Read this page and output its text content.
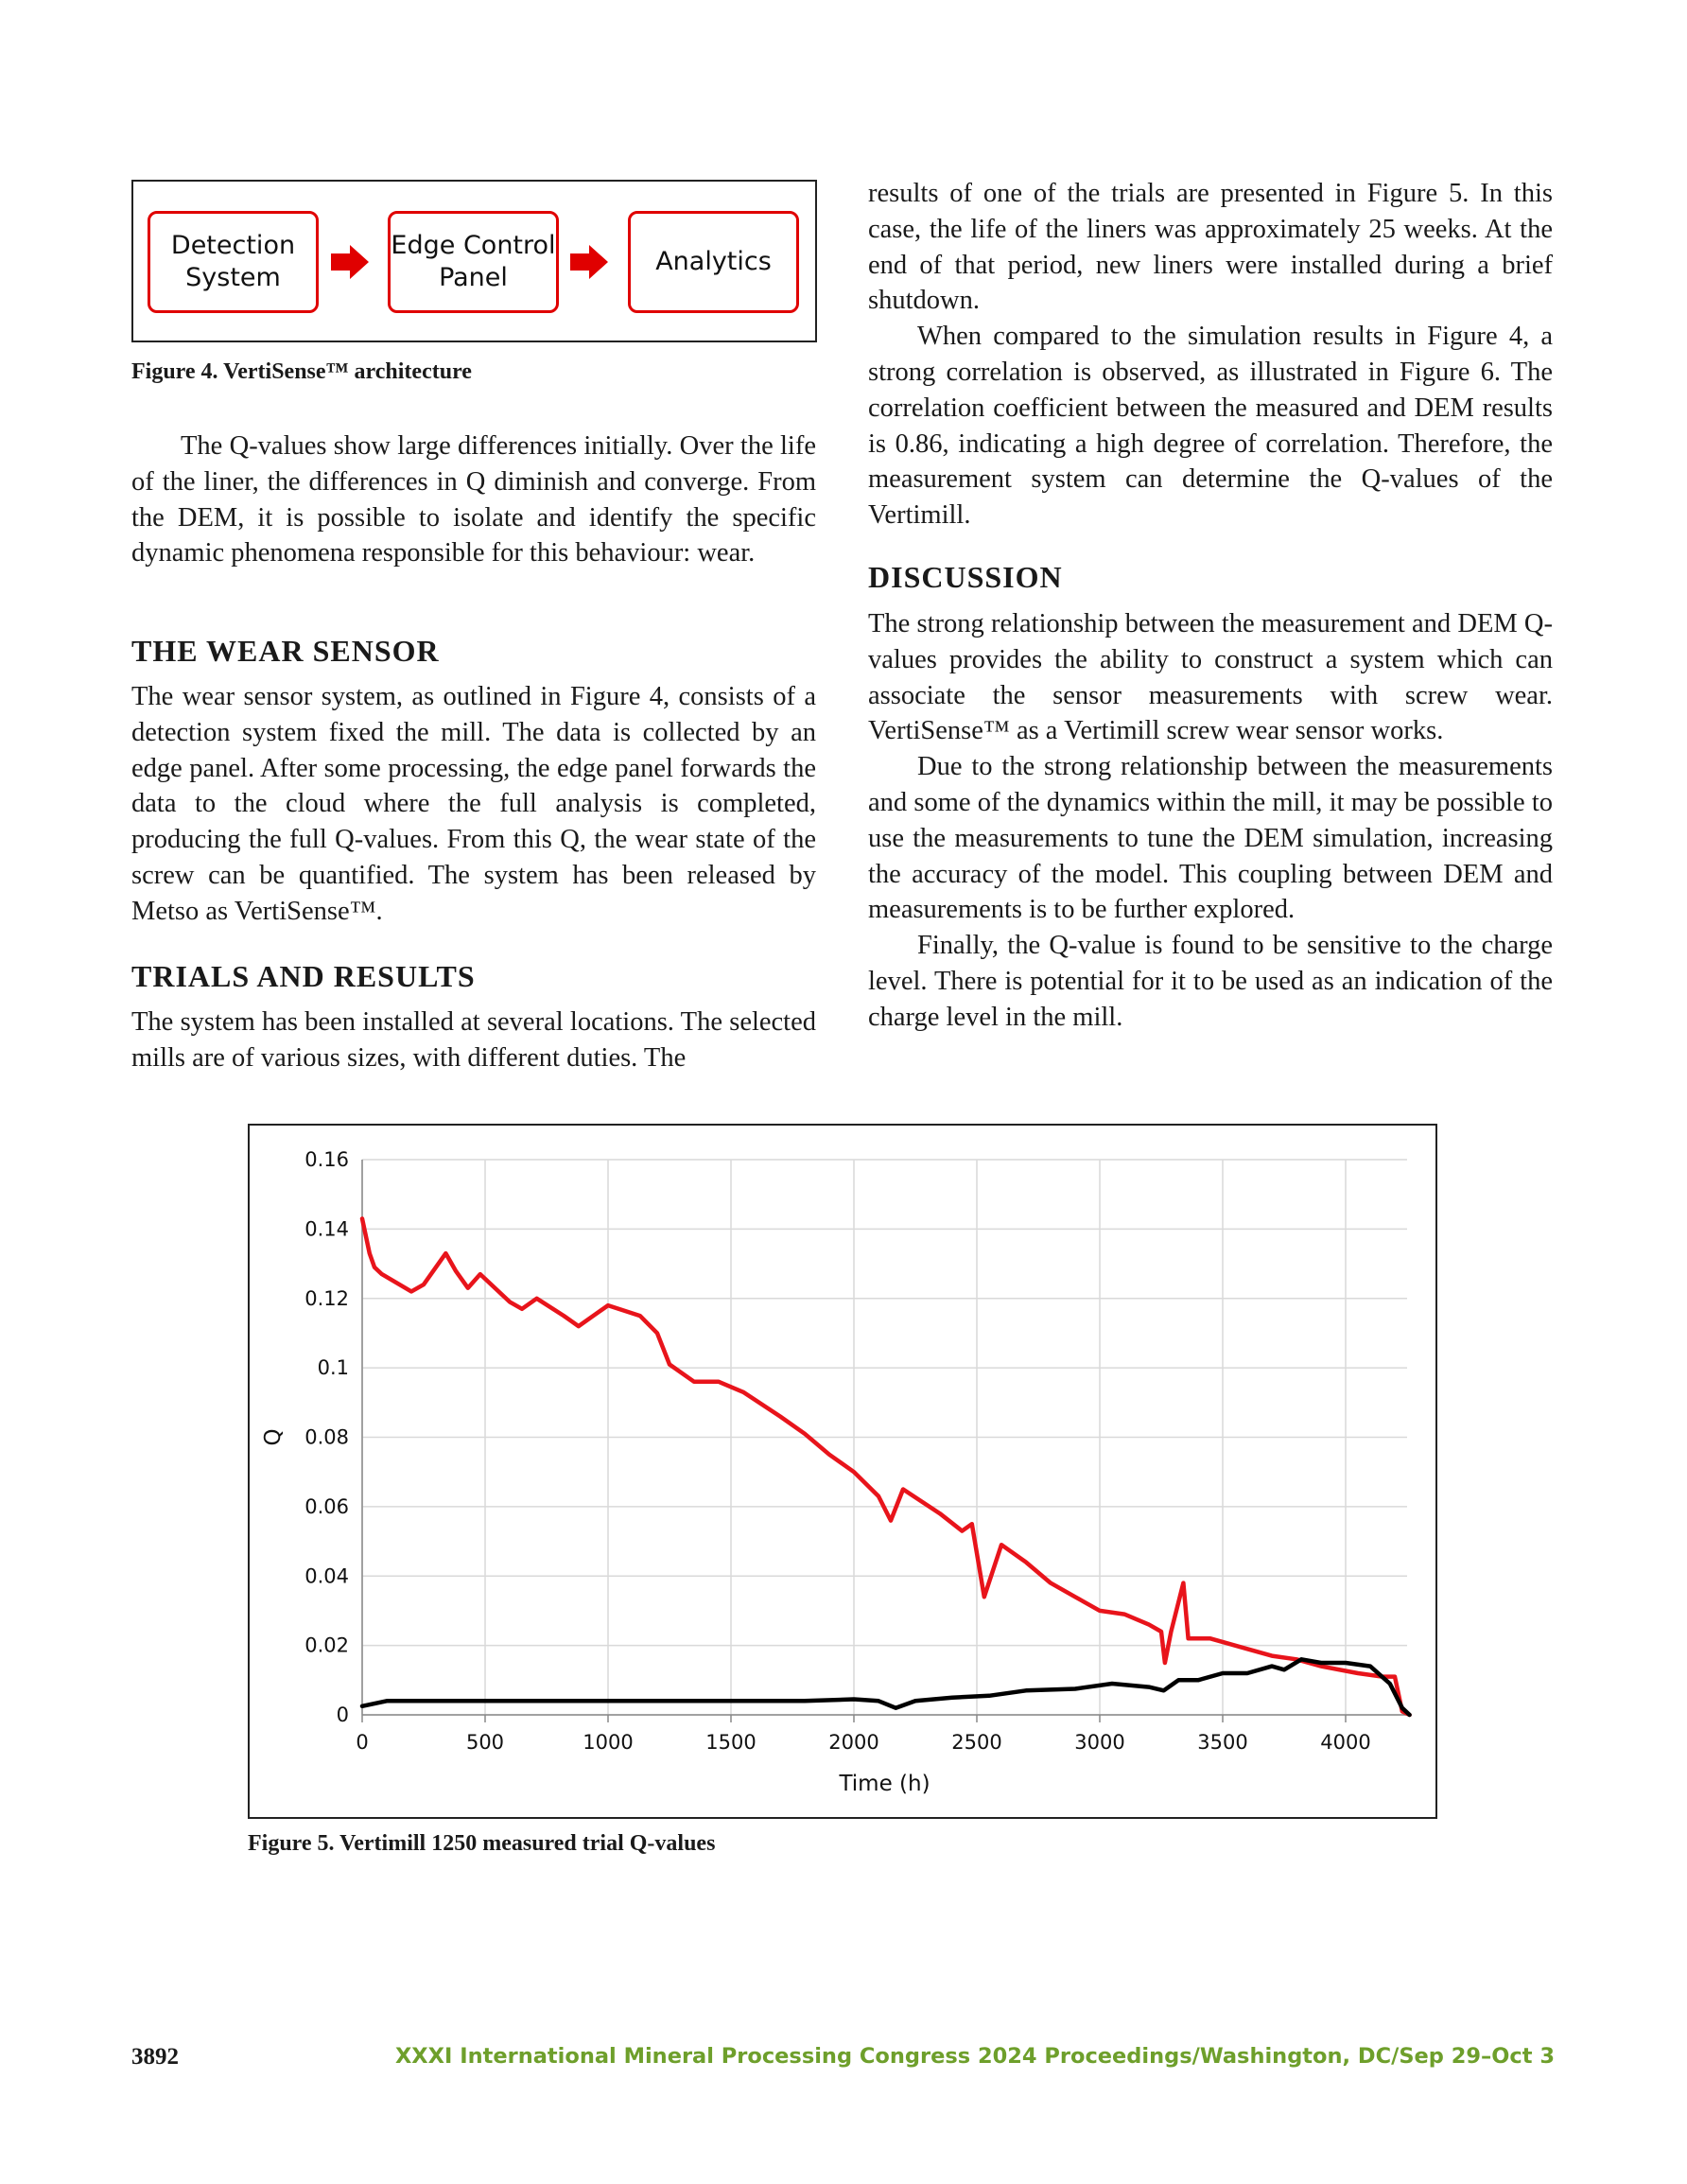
Detection
System
Edge Control
Panel
Analytics
Figure 4. VertiSense™ architecture

The Q-values show large differences initially. Over the life of the liner, the differences in Q diminish and converge. From the DEM, it is possible to isolate and identify the specific dynamic phenomena responsible for this behaviour: wear.

THE WEAR SENSOR

The wear sensor system, as outlined in Figure 4, consists of a detection system fixed the mill. The data is collected by an edge panel. After some processing, the edge panel forwards the data to the cloud where the full analysis is completed, producing the full Q-values. From this Q, the wear state of the screw can be quantified. The system has been released by Metso as VertiSense™.

TRIALS AND RESULTS

The system has been installed at several locations. The selected mills are of various sizes, with different duties. The

results of one of the trials are presented in Figure 5. In this case, the life of the liners was approximately 25 weeks. At the end of that period, new liners were installed during a brief shutdown.

When compared to the simulation results in Figure 4, a strong correlation is observed, as illustrated in Figure 6. The correlation coefficient between the measured and DEM results is 0.86, indicating a high degree of correlation. Therefore, the measurement system can determine the Q-values of the Vertimill.

DISCUSSION

The strong relationship between the measurement and DEM Q-values provides the ability to construct a system which can associate the sensor measurements with screw wear. VertiSense™ as a Vertimill screw wear sensor works.

Due to the strong relationship between the measurements and some of the dynamics within the mill, it may be possible to use the measurements to tune the DEM simulation, increasing the accuracy of the model. This coupling between DEM and measurements is to be further explored.

Finally, the Q-value is found to be sensitive to the charge level. There is potential for it to be used as an indication of the charge level in the mill.

0
0.02
0.04
0.06
0.08
0.1
0.12
0.14
0.16
0	500	1000	1500	2000	2500	3000	3500	4000
Time (h)
Q
Figure 5. Vertimill 1250 measured trial Q-values
3892	XXXI International Mineral Processing Congress 2024 Proceedings/Washington, DC/Sep 29–Oct 3
